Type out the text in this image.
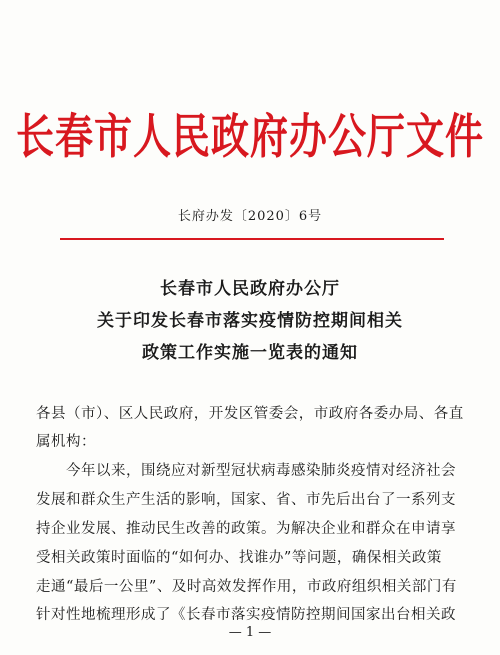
长春市人民政府办公厅文件
长府办发〔2020〕6号
长春市人民政府办公厅
关于印发长春市落实疫情防控期间相关
政策工作实施一览表的通知
各县（市）、区人民政府，开发区管委会，市政府各委办局、各直
属机构：
今年以来，围绕应对新型冠状病毒感染肺炎疫情对经济社会
发展和群众生产生活的影响，国家、省、市先后出台了一系列支
持企业发展、推动民生改善的政策。为解决企业和群众在申请享
受相关政策时面临的“如何办、找谁办”等问题，确保相关政策
走通“最后一公里”、及时高效发挥作用，市政府组织相关部门有
针对性地梳理形成了《长春市落实疫情防控期间国家出台相关政
— 1 —
